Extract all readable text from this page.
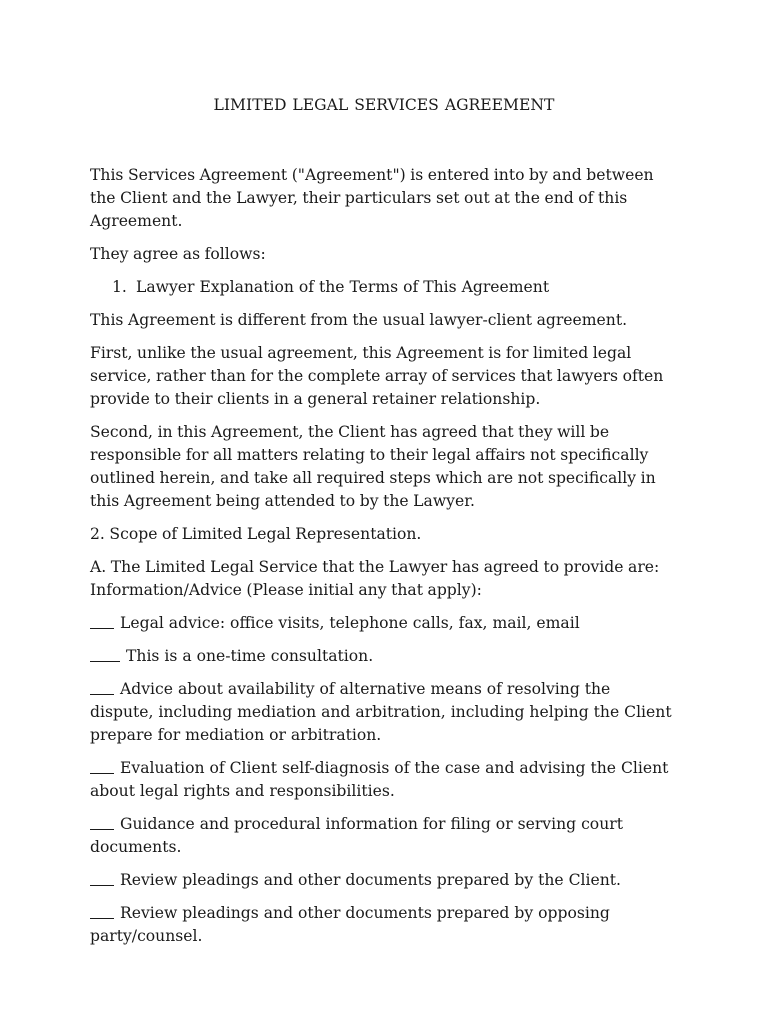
LIMITED LEGAL SERVICES AGREEMENT

This Services Agreement ("Agreement") is entered into by and between the Client and the Lawyer, their particulars set out at the end of this Agreement.

They agree as follows:

1. Lawyer Explanation of the Terms of This Agreement

This Agreement is different from the usual lawyer-client agreement.

First, unlike the usual agreement, this Agreement is for limited legal service, rather than for the complete array of services that lawyers often provide to their clients in a general retainer relationship.

Second, in this Agreement, the Client has agreed that they will be responsible for all matters relating to their legal affairs not specifically outlined herein, and take all required steps which are not specifically in this Agreement being attended to by the Lawyer.

2. Scope of Limited Legal Representation.

A. The Limited Legal Service that the Lawyer has agreed to provide are: Information/Advice (Please initial any that apply):

Legal advice: office visits, telephone calls, fax, mail, email
This is a one-time consultation.
Advice about availability of alternative means of resolving the dispute, including mediation and arbitration, including helping the Client prepare for mediation or arbitration.
Evaluation of Client self-diagnosis of the case and advising the Client about legal rights and responsibilities.
Guidance and procedural information for filing or serving court documents.
Review pleadings and other documents prepared by the Client.
Review pleadings and other documents prepared by opposing party/counsel.
